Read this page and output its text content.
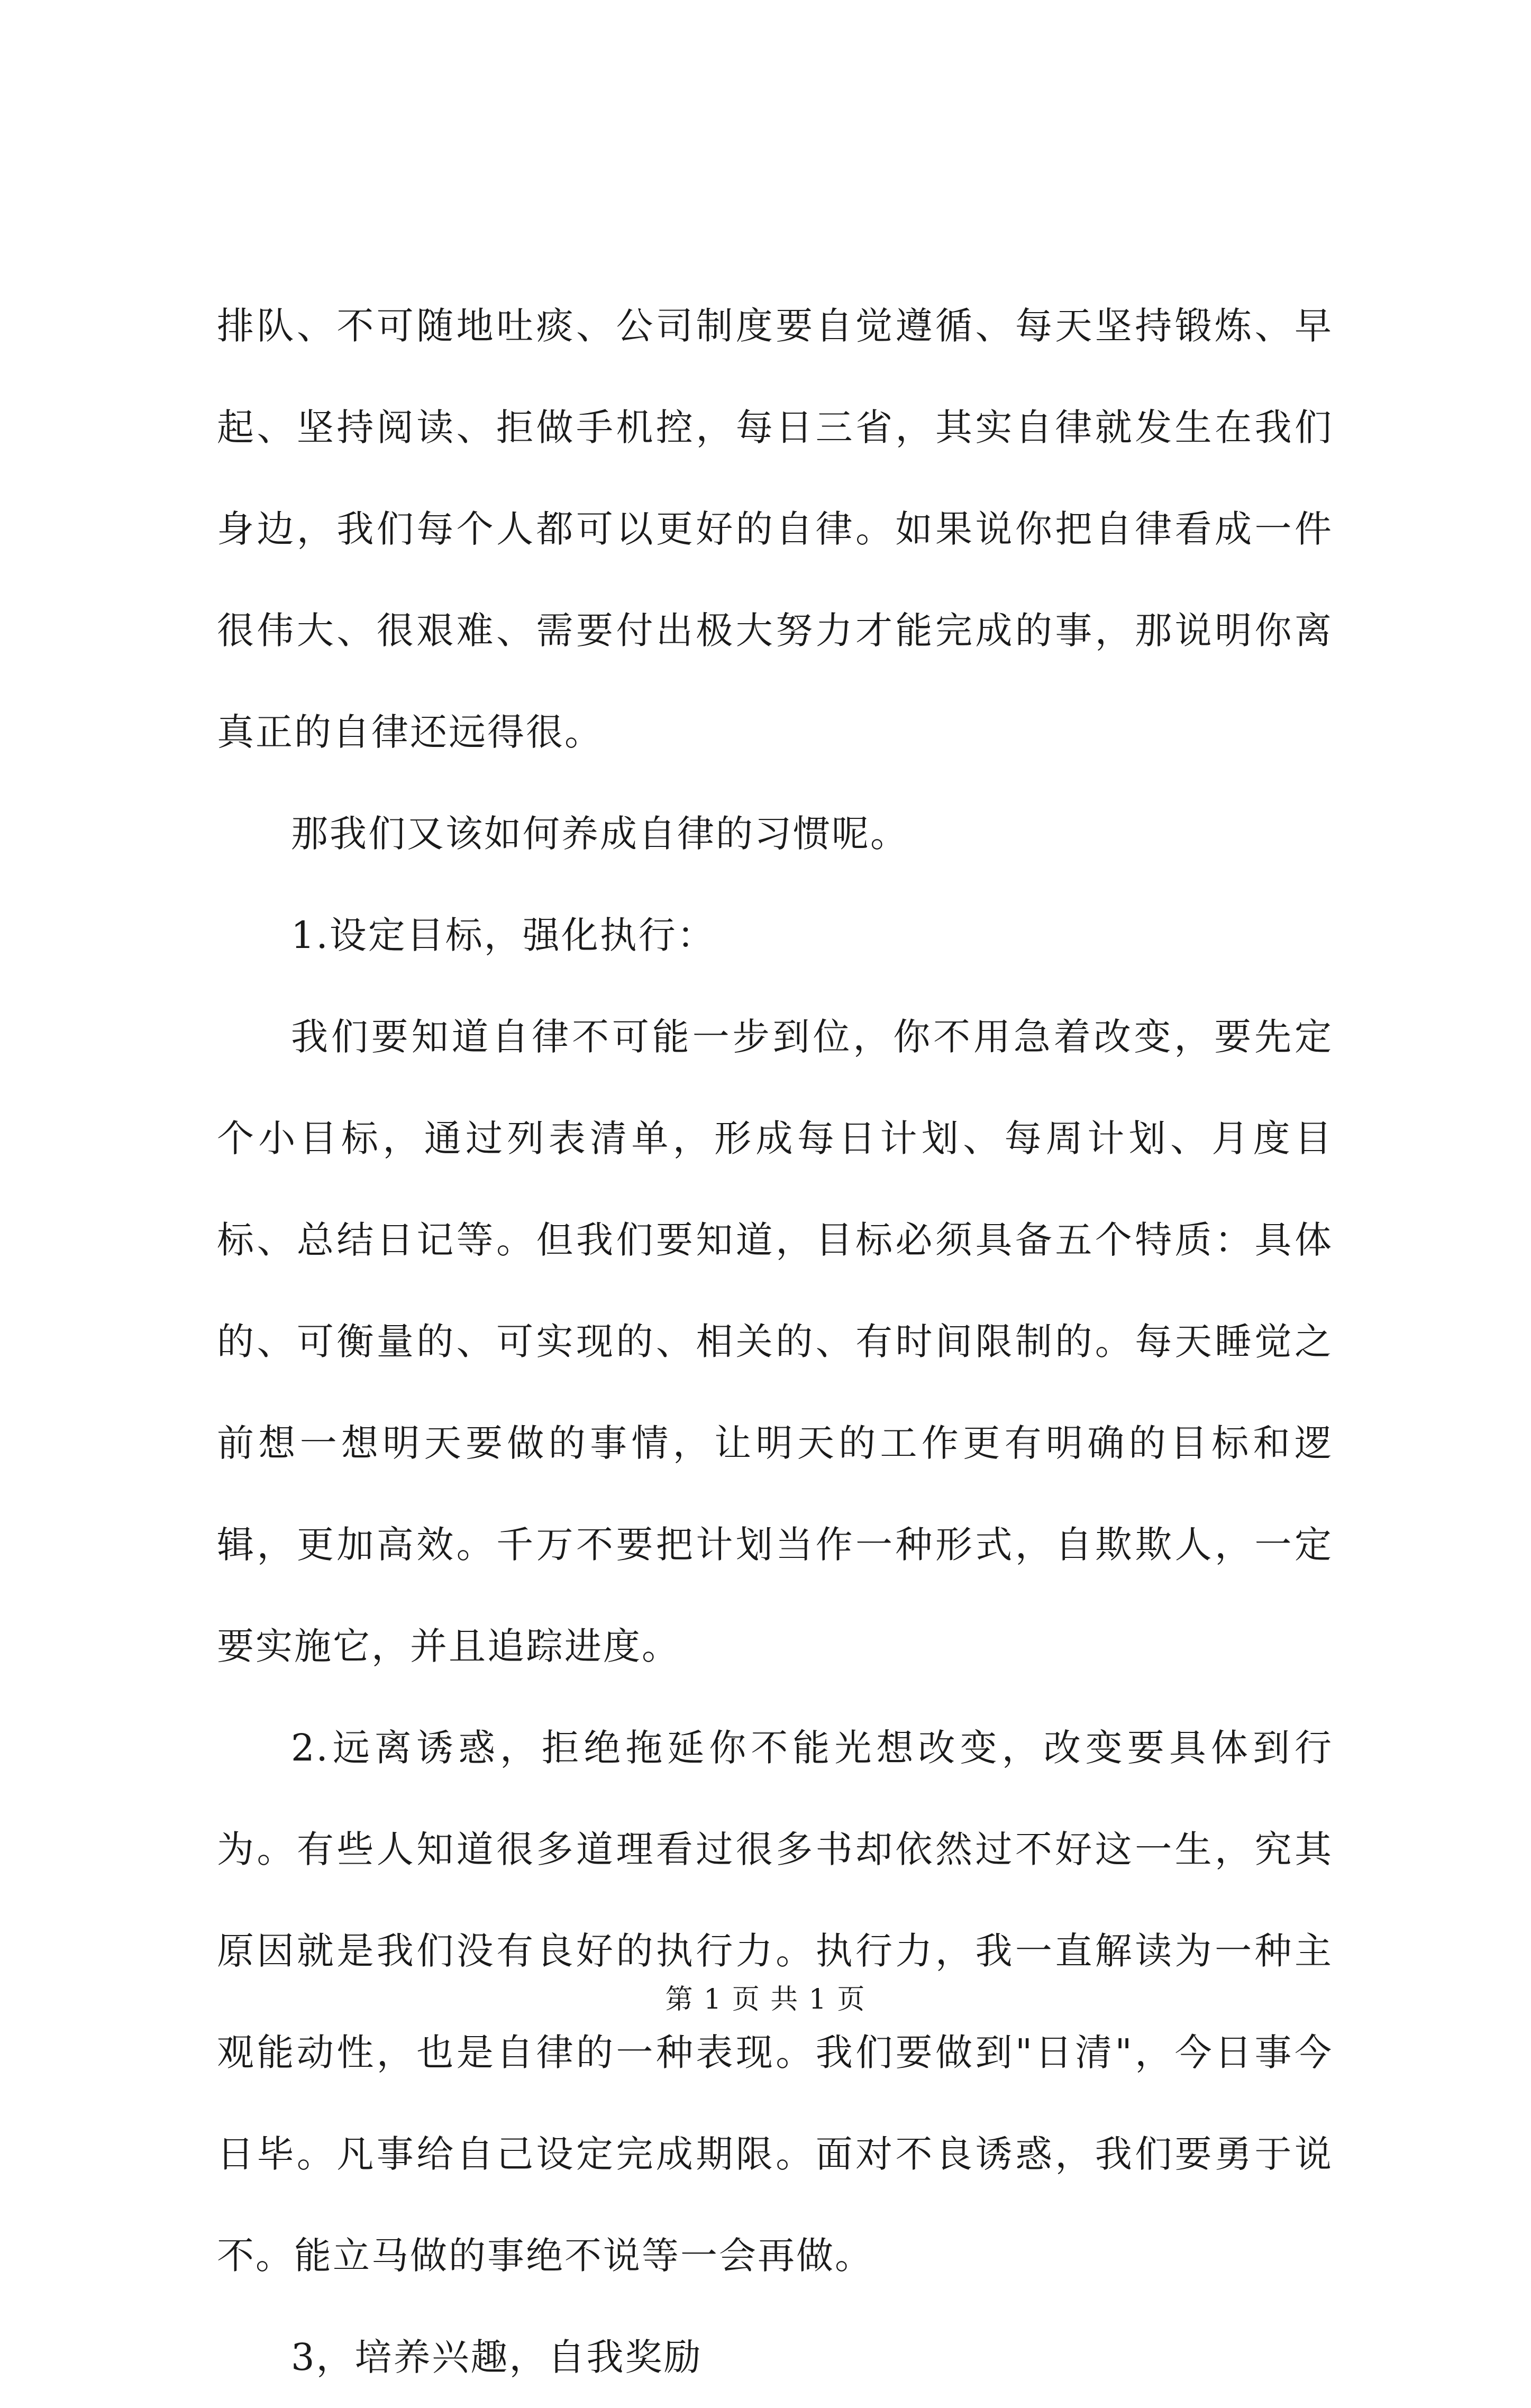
排队、不可随地吐痰、公司制度要自觉遵循、每天坚持锻炼、早起、坚持阅读、拒做手机控，每日三省，其实自律就发生在我们身边，我们每个人都可以更好的自律。如果说你把自律看成一件很伟大、很艰难、需要付出极大努力才能完成的事，那说明你离真正的自律还远得很。

那我们又该如何养成自律的习惯呢。

1.设定目标，强化执行：

我们要知道自律不可能一步到位，你不用急着改变，要先定个小目标，通过列表清单，形成每日计划、每周计划、月度目标、总结日记等。但我们要知道，目标必须具备五个特质：具体的、可衡量的、可实现的、相关的、有时间限制的。每天睡觉之前想一想明天要做的事情，让明天的工作更有明确的目标和逻辑，更加高效。千万不要把计划当作一种形式，自欺欺人，一定要实施它，并且追踪进度。

2.远离诱惑，拒绝拖延你不能光想改变，改变要具体到行为。有些人知道很多道理看过很多书却依然过不好这一生，究其原因就是我们没有良好的执行力。执行力，我一直解读为一种主观能动性，也是自律的一种表现。我们要做到"日清"，今日事今日毕。凡事给自己设定完成期限。面对不良诱惑，我们要勇于说不。能立马做的事绝不说等一会再做。

3，培养兴趣，自我奖励

第 1 页 共 1 页
